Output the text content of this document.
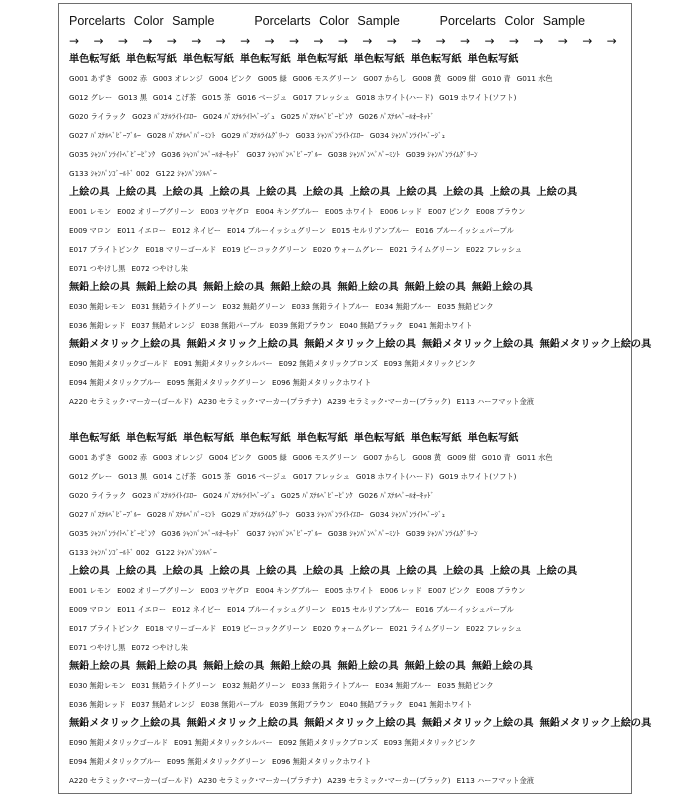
Porcelarts Color Sample	Porcelarts Color Sample	Porcelarts Color Sample
→ → → → → → → → → → → → → → → → → → → → → → →
単色転写紙 単色転写紙 単色転写紙 単色転写紙 単色転写紙 単色転写紙 単色転写紙 単色転写紙
G001 あずき G002 赤 G003 オレンジ G004 ピンク G005 緑 G006 モスグリーン G007 からし G008 黄 G009 紺 G010 青 G011 水色
G012 グレー G013 黒 G014 こげ茶 G015 茶 G016 ベージュ G017 フレッシュ G018 ホワイト(ハード) G019 ホワイト(ソフト)
G020 ライラック G023 ﾊﾟｽﾃﾙﾗｲﾄｲｴﾛｰ G024 ﾊﾟｽﾃﾙﾗｲﾄﾍﾞｰｼﾞｭ G025 ﾊﾟｽﾃﾙﾍﾞﾋﾞｰﾋﾟﾝｸ G026 ﾊﾟｽﾃﾙﾍﾟｰﾙｵｰｷｯﾄﾞ
G027 ﾊﾟｽﾃﾙﾍﾞﾋﾞｰﾌﾞﾙｰ G028 ﾊﾟｽﾃﾙﾍﾟﾊﾟｰﾐﾝﾄ G029 ﾊﾟｽﾃﾙﾗｲﾑｸﾞﾘｰﾝ G033 ｼｬﾝﾊﾟﾝﾗｲﾄｲｴﾛｰ G034 ｼｬﾝﾊﾟﾝﾗｲﾄﾍﾞｰｼﾞｭ
G035 ｼｬﾝﾊﾟﾝﾗｲﾄﾍﾞﾋﾞｰﾋﾟﾝｸ G036 ｼｬﾝﾊﾟﾝﾍﾟｰﾙｵｰｷｯﾄﾞ G037 ｼｬﾝﾊﾟﾝﾍﾞﾋﾞｰﾌﾞﾙｰ G038 ｼｬﾝﾊﾟﾝﾍﾟﾊﾟｰﾐﾝﾄ G039 ｼｬﾝﾊﾟﾝﾗｲﾑｸﾞﾘｰﾝ
G133 ｼｬﾝﾊﾟﾝｺﾞｰﾙﾄﾞ 002 G122 ｼｬﾝﾊﾟﾝｼﾙﾊﾞｰ
上絵の具 上絵の具 上絵の具 上絵の具 上絵の具 上絵の具 上絵の具 上絵の具 上絵の具 上絵の具 上絵の具
E001 レモン E002 オリーブグリーン E003 ツヤグロ E004 キングブルー E005 ホワイト E006 レッド E007 ピンク E008 ブラウン
E009 マロン E011 イエロー E012 ネイビー E014 ブルーイッシュグリーン E015 セルリアンブルー E016 ブルーイッシュパープル
E017 ブライトピンク E018 マリーゴールド E019 ピーコックグリーン E020 ウォームグレー E021 ライムグリーン E022 フレッシュ
E071 つやけし黒 E072 つやけし朱
無鉛上絵の具 無鉛上絵の具 無鉛上絵の具 無鉛上絵の具 無鉛上絵の具 無鉛上絵の具 無鉛上絵の具
E030 無鉛レモン E031 無鉛ライトグリーン E032 無鉛グリーン E033 無鉛ライトブルー E034 無鉛ブルー E035 無鉛ピンク
E036 無鉛レッド E037 無鉛オレンジ E038 無鉛パープル E039 無鉛ブラウン E040 無鉛ブラック E041 無鉛ホワイト
無鉛メタリック上絵の具 無鉛メタリック上絵の具 無鉛メタリック上絵の具 無鉛メタリック上絵の具 無鉛メタリック上絵の具
E090 無鉛メタリックゴールド E091 無鉛メタリックシルバー E092 無鉛メタリックブロンズ E093 無鉛メタリックピンク
E094 無鉛メタリックブルー E095 無鉛メタリックグリーン E096 無鉛メタリックホワイト
A220 セラミック･マーカー(ゴールド) A230 セラミック･マーカー(プラチナ) A239 セラミック･マーカー(ブラック) E113 ハーフマット金液
単色転写紙 単色転写紙 単色転写紙 単色転写紙 単色転写紙 単色転写紙 単色転写紙 単色転写紙
G001 あずき G002 赤 G003 オレンジ G004 ピンク G005 緑 G006 モスグリーン G007 からし G008 黄 G009 紺 G010 青 G011 水色
G012 グレー G013 黒 G014 こげ茶 G015 茶 G016 ベージュ G017 フレッシュ G018 ホワイト(ハード) G019 ホワイト(ソフト)
G020 ライラック G023 ﾊﾟｽﾃﾙﾗｲﾄｲｴﾛｰ G024 ﾊﾟｽﾃﾙﾗｲﾄﾍﾞｰｼﾞｭ G025 ﾊﾟｽﾃﾙﾍﾞﾋﾞｰﾋﾟﾝｸ G026 ﾊﾟｽﾃﾙﾍﾟｰﾙｵｰｷｯﾄﾞ
G027 ﾊﾟｽﾃﾙﾍﾞﾋﾞｰﾌﾞﾙｰ G028 ﾊﾟｽﾃﾙﾍﾟﾊﾟｰﾐﾝﾄ G029 ﾊﾟｽﾃﾙﾗｲﾑｸﾞﾘｰﾝ G033 ｼｬﾝﾊﾟﾝﾗｲﾄｲｴﾛｰ G034 ｼｬﾝﾊﾟﾝﾗｲﾄﾍﾞｰｼﾞｭ
G035 ｼｬﾝﾊﾟﾝﾗｲﾄﾍﾞﾋﾞｰﾋﾟﾝｸ G036 ｼｬﾝﾊﾟﾝﾍﾟｰﾙｵｰｷｯﾄﾞ G037 ｼｬﾝﾊﾟﾝﾍﾞﾋﾞｰﾌﾞﾙｰ G038 ｼｬﾝﾊﾟﾝﾍﾟﾊﾟｰﾐﾝﾄ G039 ｼｬﾝﾊﾟﾝﾗｲﾑｸﾞﾘｰﾝ
G133 ｼｬﾝﾊﾟﾝｺﾞｰﾙﾄﾞ 002 G122 ｼｬﾝﾊﾟﾝｼﾙﾊﾞｰ
上絵の具 上絵の具 上絵の具 上絵の具 上絵の具 上絵の具 上絵の具 上絵の具 上絵の具 上絵の具 上絵の具
E001 レモン E002 オリーブグリーン E003 ツヤグロ E004 キングブルー E005 ホワイト E006 レッド E007 ピンク E008 ブラウン
E009 マロン E011 イエロー E012 ネイビー E014 ブルーイッシュグリーン E015 セルリアンブルー E016 ブルーイッシュパープル
E017 ブライトピンク E018 マリーゴールド E019 ピーコックグリーン E020 ウォームグレー E021 ライムグリーン E022 フレッシュ
E071 つやけし黒 E072 つやけし朱
無鉛上絵の具 無鉛上絵の具 無鉛上絵の具 無鉛上絵の具 無鉛上絵の具 無鉛上絵の具 無鉛上絵の具
E030 無鉛レモン E031 無鉛ライトグリーン E032 無鉛グリーン E033 無鉛ライトブルー E034 無鉛ブルー E035 無鉛ピンク
E036 無鉛レッド E037 無鉛オレンジ E038 無鉛パープル E039 無鉛ブラウン E040 無鉛ブラック E041 無鉛ホワイト
無鉛メタリック上絵の具 無鉛メタリック上絵の具 無鉛メタリック上絵の具 無鉛メタリック上絵の具 無鉛メタリック上絵の具
E090 無鉛メタリックゴールド E091 無鉛メタリックシルバー E092 無鉛メタリックブロンズ E093 無鉛メタリックピンク
E094 無鉛メタリックブルー E095 無鉛メタリックグリーン E096 無鉛メタリックホワイト
A220 セラミック･マーカー(ゴールド) A230 セラミック･マーカー(プラチナ) A239 セラミック･マーカー(ブラック) E113 ハーフマット金液
